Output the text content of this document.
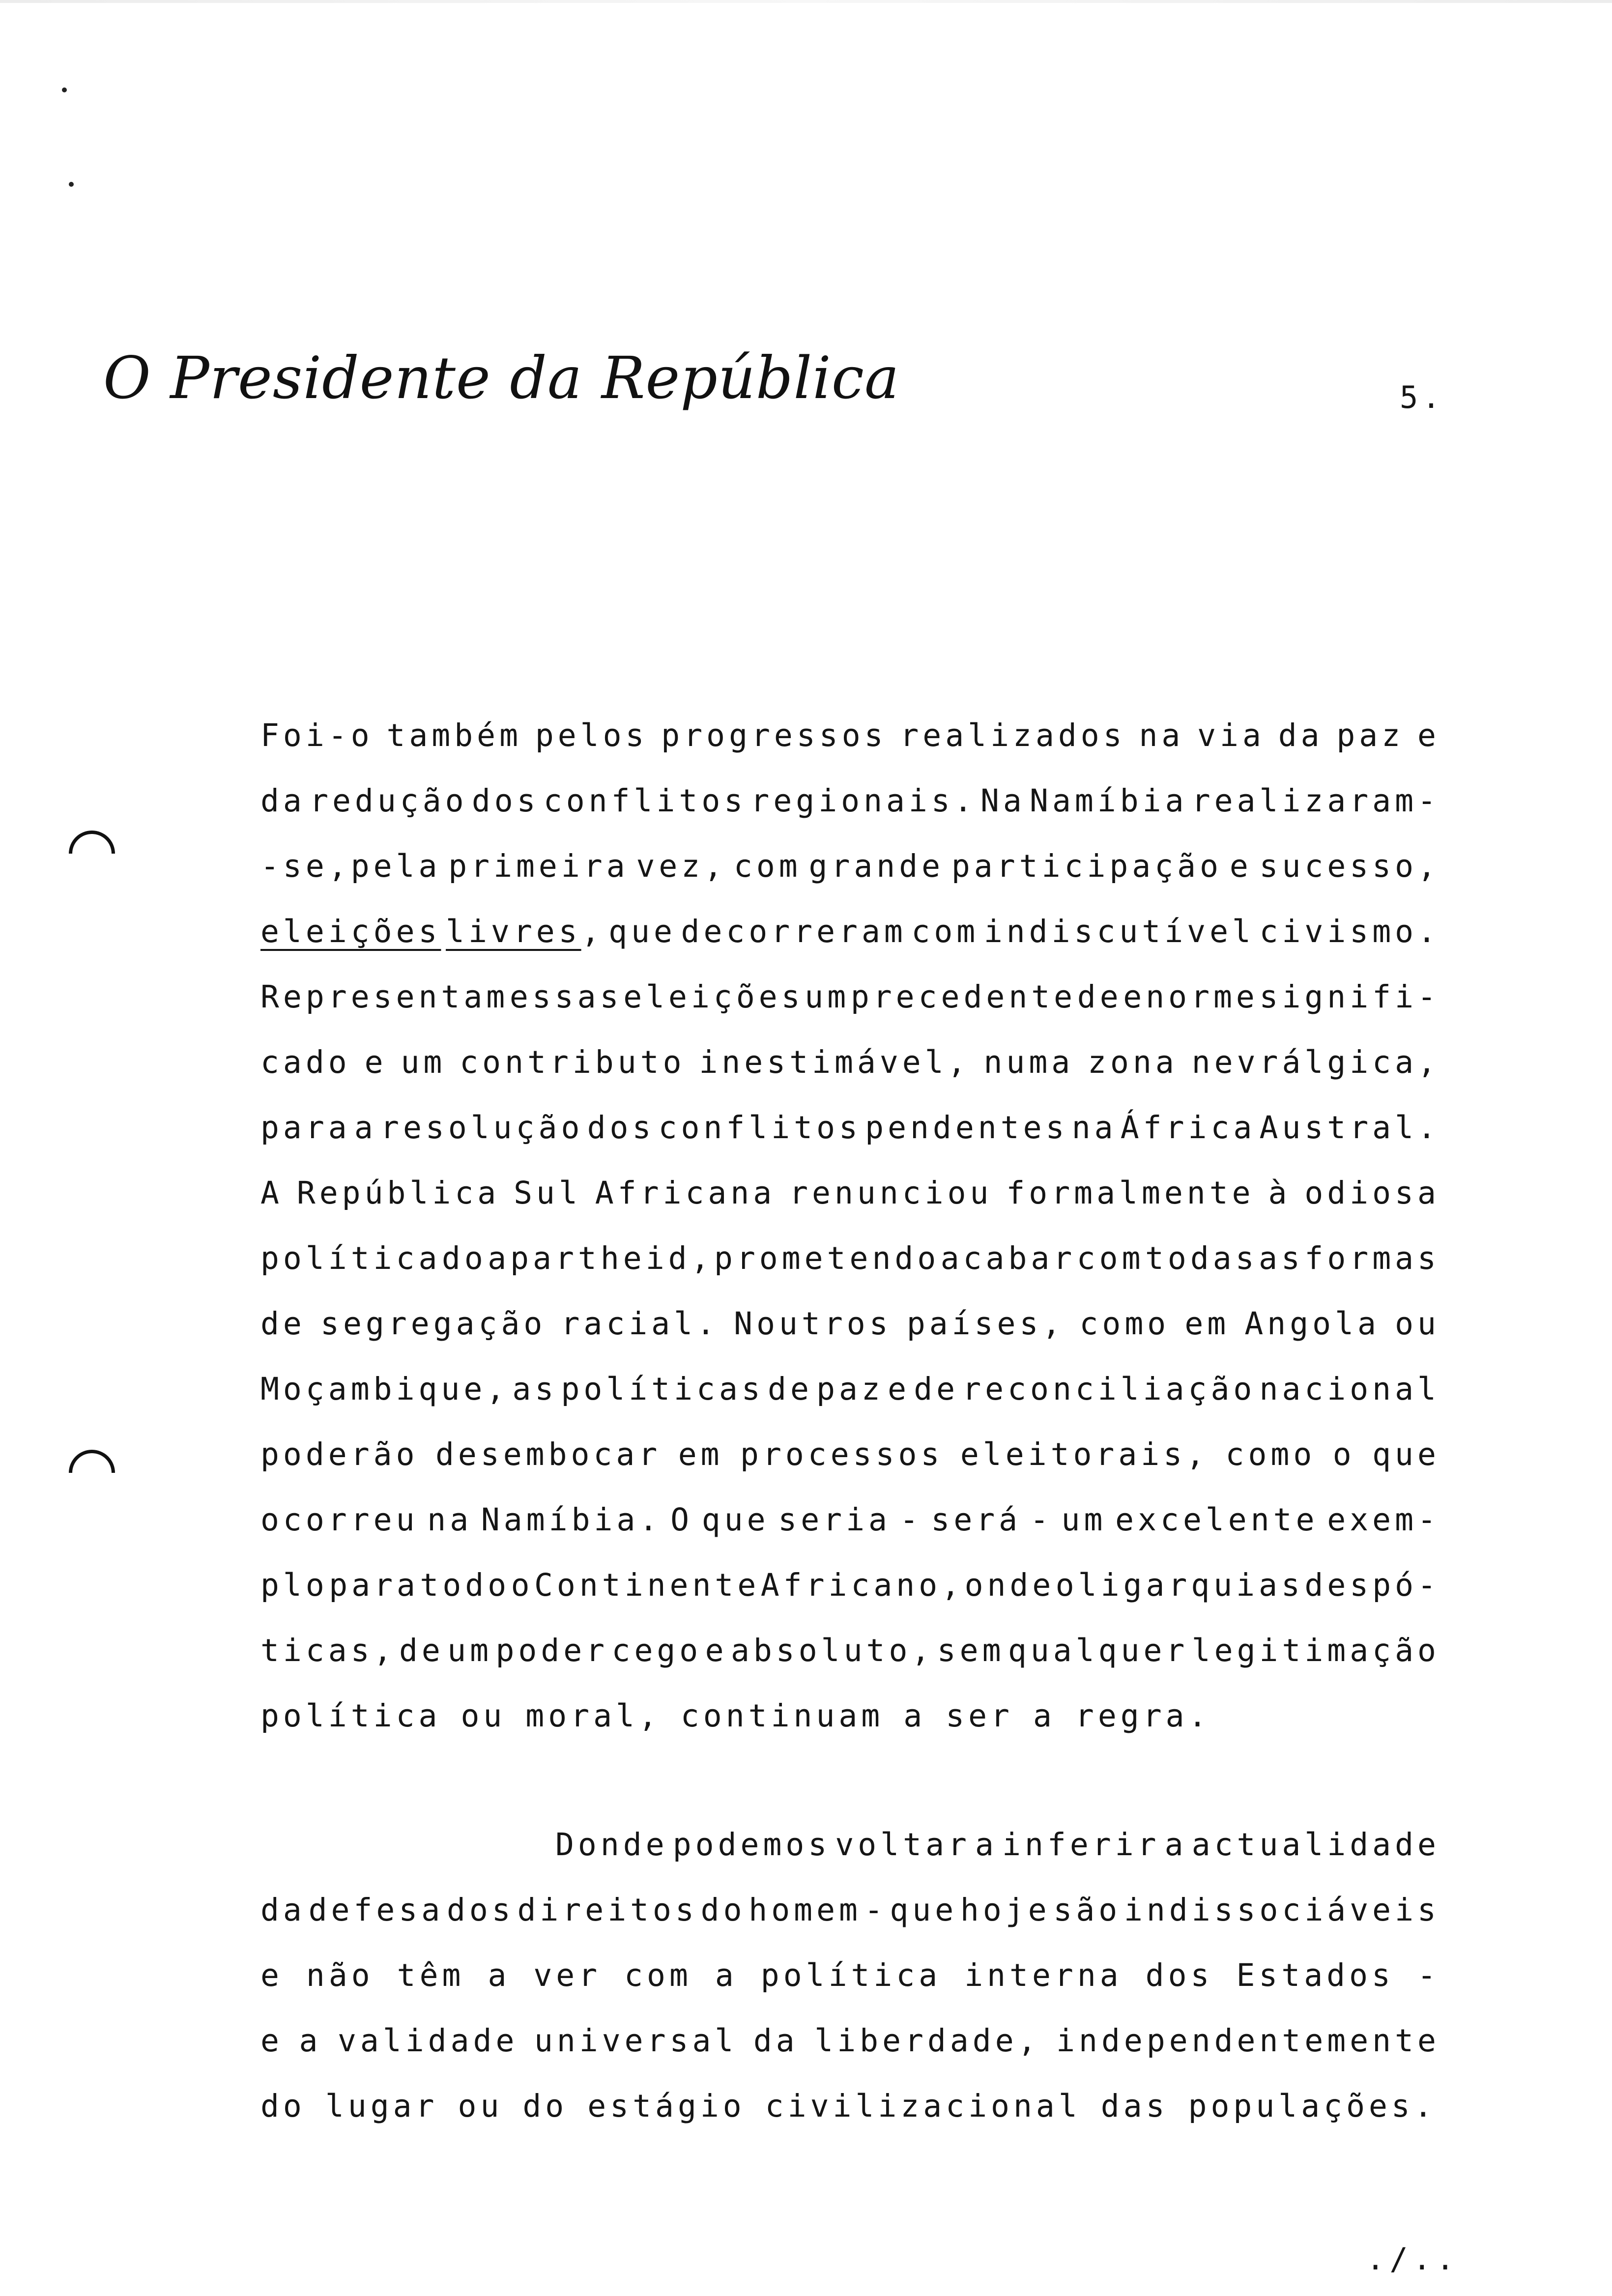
O Presidente da República	5.
Foi-o também pelos progressos realizados na via da paz e
da redução dos conflitos regionais. Na Namíbia realizaram-
-se,pela primeira vez, com grande participação e sucesso,
eleições livres, que decorreram com indiscutível civismo.
Representam essas eleições um precedente de enorme signifi-
cado e um contributo inestimável, numa zona nevrálgica,
para a resolução dos conflitos pendentes na África Austral.
A República Sul Africana renunciou formalmente à odiosa
política do apartheid, prometendo acabar com todas as formas
de segregação racial. Noutros países, como em Angola ou
Moçambique, as políticas de paz e de reconciliação nacional
poderão desembocar em processos eleitorais, como o que
ocorreu na Namíbia. O que seria - será - um excelente exem-
plo para todo o Continente Africano, onde oligarquias despó-
ticas, de um poder cego e absoluto, sem qualquer legitimação
política ou moral, continuam a ser a regra.
Donde podemos voltar a inferir a actualidade
da defesa dos direitos do homem - que hoje são indissociáveis
e não têm a ver com a política interna dos Estados -
e a validade universal da liberdade, independentemente
do lugar ou do estágio civilizacional das populações.
./..
